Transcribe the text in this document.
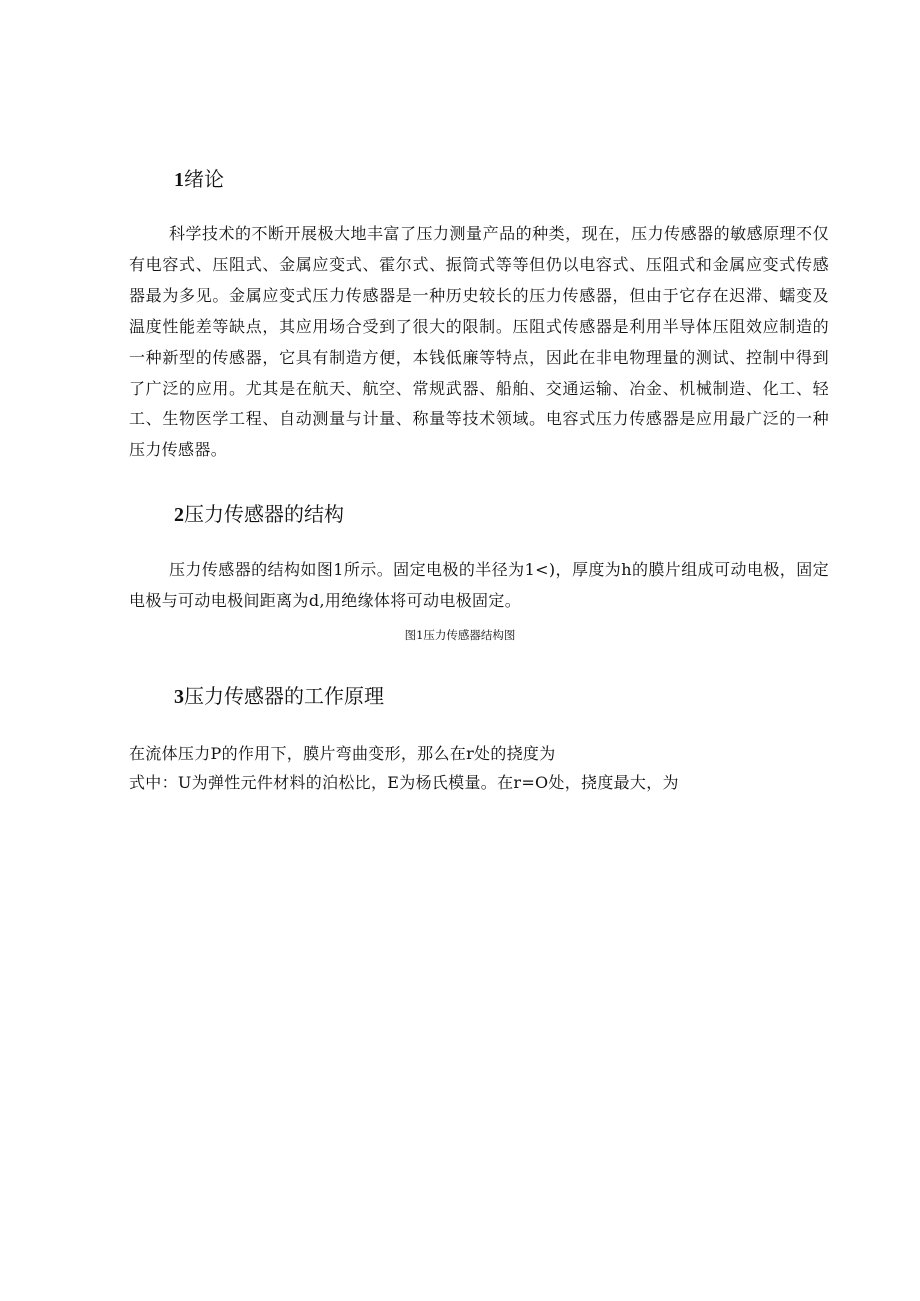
1绪论

科学技术的不断开展极大地丰富了压力测量产品的种类，现在，压力传感器的敏感原理不仅有电容式、压阻式、金属应变式、霍尔式、振筒式等等但仍以电容式、压阻式和金属应变式传感器最为多见。金属应变式压力传感器是一种历史较长的压力传感器，但由于它存在迟滞、蠕变及温度性能差等缺点，其应用场合受到了很大的限制。压阻式传感器是利用半导体压阻效应制造的一种新型的传感器，它具有制造方便，本钱低廉等特点，因此在非电物理量的测试、控制中得到了广泛的应用。尤其是在航天、航空、常规武器、船舶、交通运输、冶金、机械制造、化工、轻工、生物医学工程、自动测量与计量、称量等技术领域。电容式压力传感器是应用最广泛的一种压力传感器。

2压力传感器的结构

压力传感器的结构如图1所示。固定电极的半径为1<)，厚度为h的膜片组成可动电极，固定电极与可动电极间距离为d,用绝缘体将可动电极固定。

图1压力传感器结构图

3压力传感器的工作原理

在流体压力P的作用下，膜片弯曲变形，那么在r处的挠度为

式中：U为弹性元件材料的泊松比，E为杨氏模量。在r=O处，挠度最大，为
